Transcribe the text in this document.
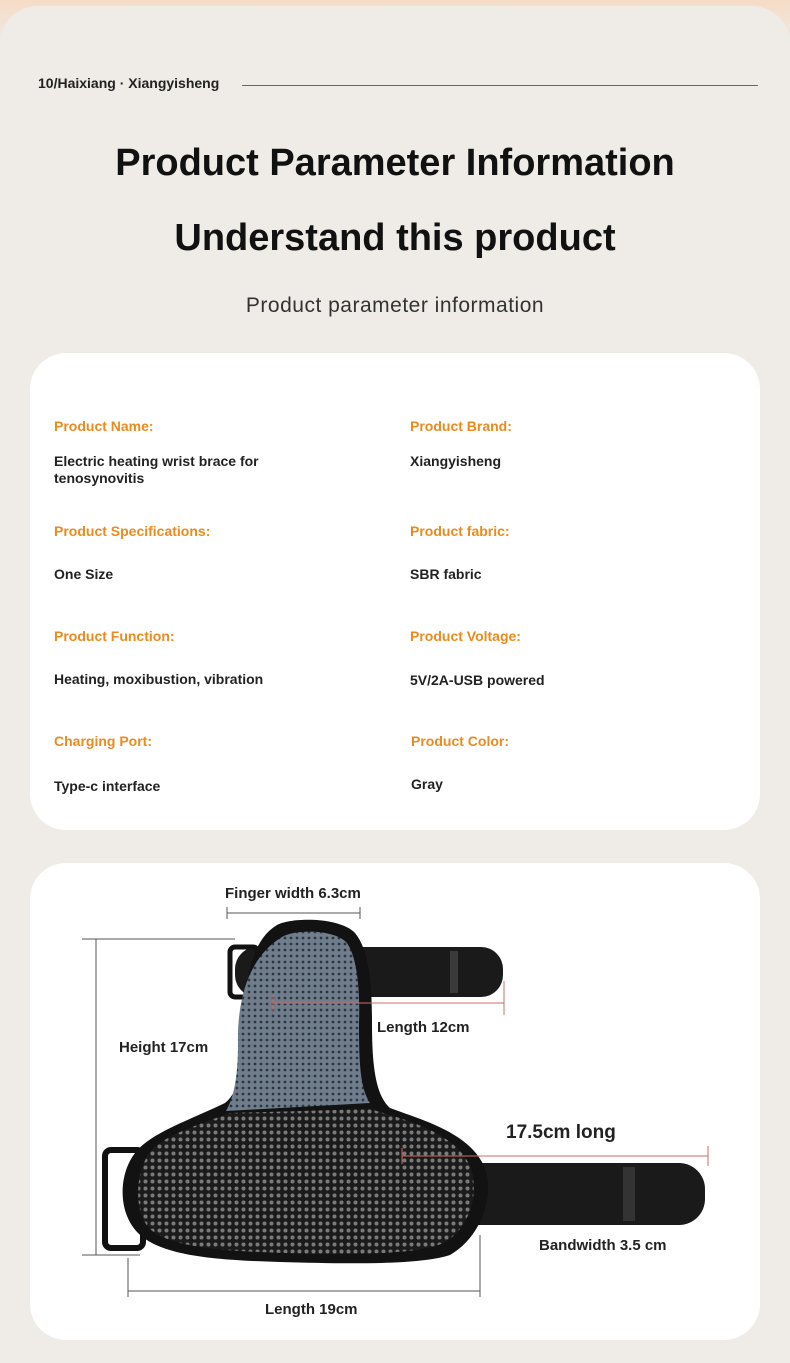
10/Haixiang · Xiangyisheng
Product Parameter Information
Understand this product
Product parameter information
Product Name:
Electric heating wrist brace for tenosynovitis
Product Brand:
Xiangyisheng
Product Specifications:
One Size
Product fabric:
SBR fabric
Product Function:
Heating, moxibustion, vibration
Product Voltage:
5V/2A-USB powered
Charging Port:
Type-c interface
Product Color:
Gray
Finger width 6.3cm
Height 17cm
Length 12cm
17.5cm long
Bandwidth 3.5 cm
Length 19cm
